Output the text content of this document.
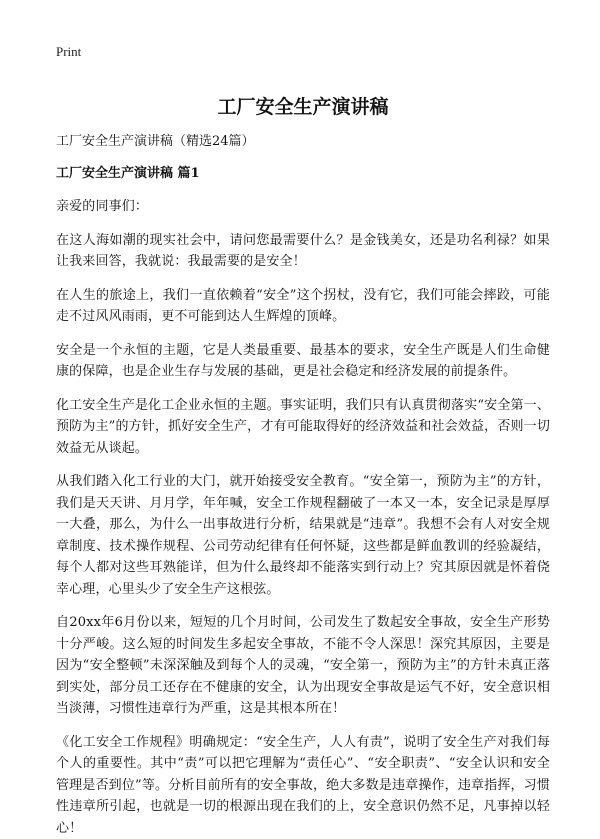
Print
工厂安全生产演讲稿
工厂安全生产演讲稿（精选24篇）
工厂安全生产演讲稿 篇1
亲爱的同事们：
在这人海如潮的现实社会中，请问您最需要什么？是金钱美女，还是功名利禄？如果让我来回答，我就说：我最需要的是安全！
在人生的旅途上，我们一直依赖着“安全”这个拐杖，没有它，我们可能会摔跤，可能走不过风风雨雨，更不可能到达人生辉煌的顶峰。
安全是一个永恒的主题，它是人类最重要、最基本的要求，安全生产既是人们生命健康的保障，也是企业生存与发展的基础，更是社会稳定和经济发展的前提条件。
化工安全生产是化工企业永恒的主题。事实证明，我们只有认真贯彻落实“安全第一、预防为主”的方针，抓好安全生产，才有可能取得好的经济效益和社会效益，否则一切效益无从谈起。
从我们踏入化工行业的大门，就开始接受安全教育。“安全第一，预防为主”的方针，我们是天天讲、月月学，年年喊，安全工作规程翻破了一本又一本，安全记录是厚厚一大叠，那么，为什么一出事故进行分析，结果就是“违章”。我想不会有人对安全规章制度、技术操作规程、公司劳动纪律有任何怀疑，这些都是鲜血教训的经验凝结，每个人都对这些耳熟能详，但为什么最终却不能落实到行动上？究其原因就是怀着侥幸心理，心里头少了安全生产这根弦。
自20xx年6月份以来，短短的几个月时间，公司发生了数起安全事故，安全生产形势十分严峻。这么短的时间发生多起安全事故，不能不令人深思！深究其原因，主要是因为“安全整顿”未深深触及到每个人的灵魂，“安全第一，预防为主”的方针未真正落到实处，部分员工还存在不健康的安全，认为出现安全事故是运气不好，安全意识相当淡薄，习惯性违章行为严重，这是其根本所在！
《化工安全工作规程》明确规定：“安全生产，人人有责”，说明了安全生产对我们每个人的重要性。其中“责”可以把它理解为“责任心”、“安全职责”、“安全认识和安全管理是否到位”等。分析目前所有的安全事故，绝大多数是违章操作，违章指挥，习惯性违章所引起，也就是一切的根源出现在我们的上，安全意识仍然不足，凡事掉以轻心！
